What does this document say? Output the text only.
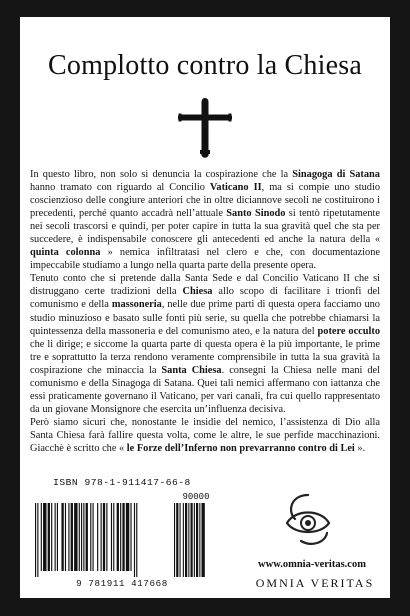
Complotto contro la Chiesa

In questo libro, non solo si denuncia la cospirazione che la Sinagoga di Satana hanno tramato con riguardo al Concilio Vaticano II, ma si compie uno studio coscienzioso delle congiure anteriori che in oltre diciannove secoli ne costituirono i precedenti, perché quanto accadrà nell’attuale Santo Sinodo si tentò ripetutamente nei secoli trascorsi e quindi, per poter capire in tutta la sua gravità quel che sta per succedere, è indispensabile conoscere gli antecedenti ed anche la natura della « quinta colonna » nemica infiltratasi nel clero e che, con documentazione impeccabile studiamo a lungo nella quarta parte della presente opera.

Tenuto conto che si pretende dalla Santa Sede e dal Concilio Vaticano II che si distruggano certe tradizioni della Chiesa allo scopo di facilitare i trionfi del comunismo e della massoneria, nelle due prime parti di questa opera facciamo uno studio minuzioso e basato sulle fonti più serie, su quella che potrebbe chiamarsi la quintessenza della massoneria e del comunismo ateo, e la natura del potere occulto che li dirige; e siccome la quarta parte di questa opera è la più importante, le prime tre e soprattutto la terza rendono veramente comprensibile in tutta la sua gravità la cospirazione che minaccia la Santa Chiesa. consegni la Chiesa nelle mani del comunismo e della Sinagoga di Satana. Quei tali nemici affermano con iattanza che essi praticamente governano il Vaticano, per vari canali, fra cui quello rappresentato da un giovane Monsignore che esercita un’influenza decisiva.

Però siamo sicuri che, nonostante le insidie del nemico, l’assistenza di Dio alla Santa Chiesa farà fallire questa volta, come le altre, le sue perfide macchinazioni. Giacchè è scritto che « le Forze dell’Inferno non prevarranno contro di Lei ».

ISBN 978-1-911417-66-8
90000
9 781911 417668
www.omnia-veritas.com
OMNIA VERITAS
